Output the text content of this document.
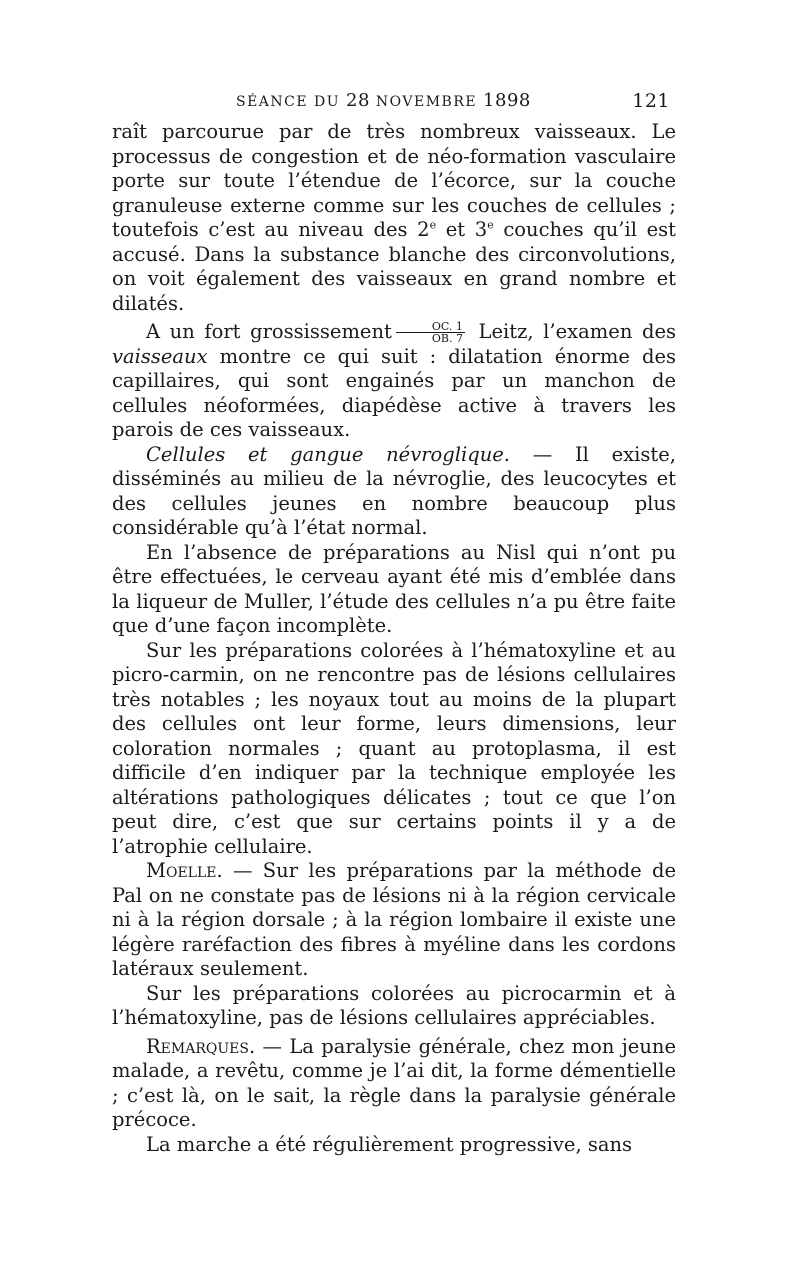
SÉANCE DU 28 NOVEMBRE 1898	121

raît parcourue par de très nombreux vaisseaux. Le processus de congestion et de néo-formation vasculaire porte sur toute l’étendue de l’écorce, sur la couche granuleuse externe comme sur les couches de cellules ; toutefois c’est au niveau des 2e et 3e couches qu’il est accusé. Dans la substance blanche des circonvolutions, on voit également des vaisseaux en grand nombre et dilatés.

A un fort grossissement $\frac{OC. 1}{OB. 7}$ Leitz, l’examen des vaisseaux montre ce qui suit : dilatation énorme des capillaires, qui sont engainés par un manchon de cellules néoformées, diapédèse active à travers les parois de ces vaisseaux.

Cellules et gangue névroglique. — Il existe, disséminés au milieu de la névroglie, des leucocytes et des cellules jeunes en nombre beaucoup plus considérable qu’à l’état normal.

En l’absence de préparations au Nisl qui n’ont pu être effectuées, le cerveau ayant été mis d’emblée dans la liqueur de Muller, l’étude des cellules n’a pu être faite que d’une façon incomplète.

Sur les préparations colorées à l’hématoxyline et au picro-carmin, on ne rencontre pas de lésions cellulaires très notables ; les noyaux tout au moins de la plupart des cellules ont leur forme, leurs dimensions, leur coloration normales ; quant au protoplasma, il est difficile d’en indiquer par la technique employée les altérations pathologiques délicates ; tout ce que l’on peut dire, c’est que sur certains points il y a de l’atrophie cellulaire.

Moelle. — Sur les préparations par la méthode de Pal on ne constate pas de lésions ni à la région cervicale ni à la région dorsale ; à la région lombaire il existe une légère raréfaction des fibres à myéline dans les cordons latéraux seulement.

Sur les préparations colorées au picrocarmin et à l’hématoxyline, pas de lésions cellulaires appréciables.

Remarques. — La paralysie générale, chez mon jeune malade, a revêtu, comme je l’ai dit, la forme démentielle ; c’est là, on le sait, la règle dans la paralysie générale précoce.

La marche a été régulièrement progressive, sans
